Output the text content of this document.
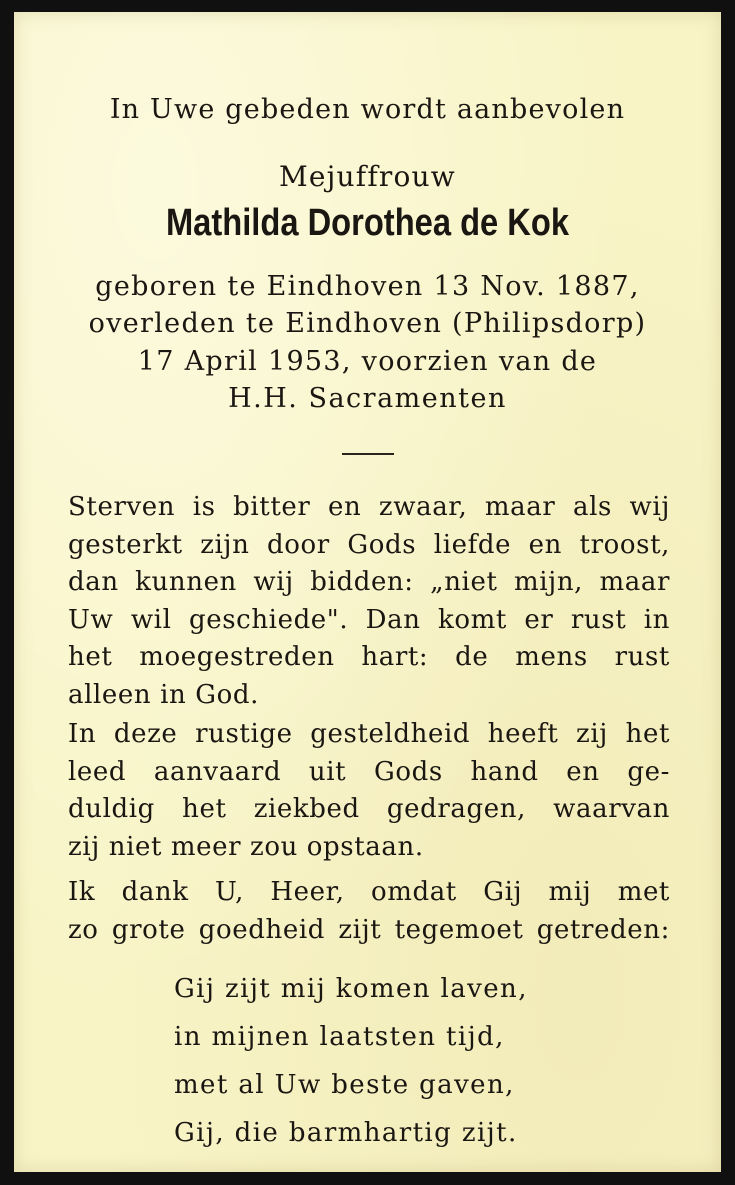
In Uwe gebeden wordt aanbevolen
Mejuffrouw
Mathilda Dorothea de Kok
geboren te Eindhoven 13 Nov. 1887,
overleden te Eindhoven (Philipsdorp)
17 April 1953, voorzien van de
H.H. Sacramenten
Sterven is bitter en zwaar, maar als wij
gesterkt zijn door Gods liefde en troost,
dan kunnen wij bidden: „niet mijn, maar
Uw wil geschiede". Dan komt er rust in
het moegestreden hart: de mens rust
alleen in God.
In deze rustige gesteldheid heeft zij het
leed aanvaard uit Gods hand en ge-
duldig het ziekbed gedragen, waarvan
zij niet meer zou opstaan.
Ik dank U, Heer, omdat Gij mij met
zo grote goedheid zijt tegemoet getreden:
Gij zijt mij komen laven,
in mijnen laatsten tijd,
met al Uw beste gaven,
Gij, die barmhartig zijt.
